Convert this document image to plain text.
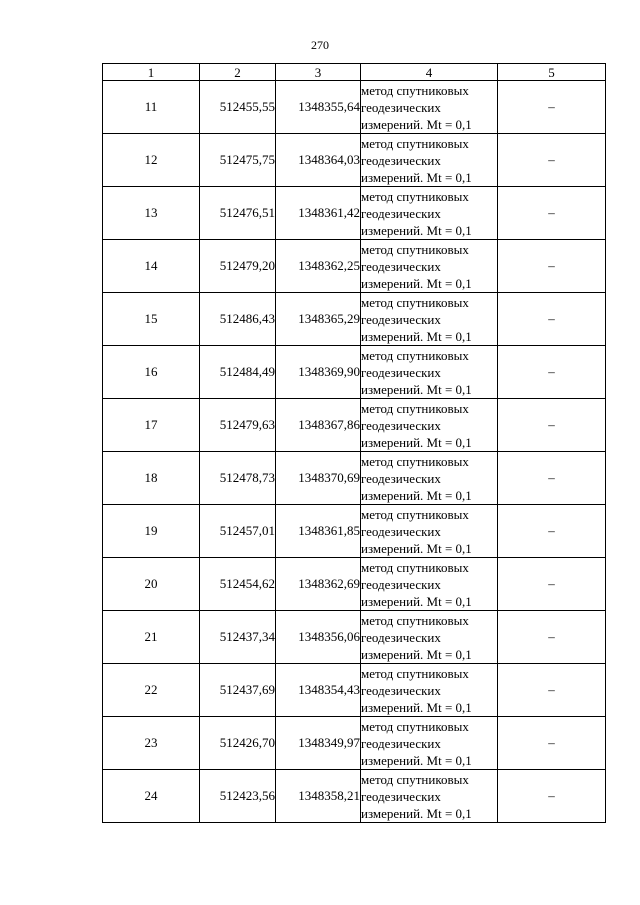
270
1	2	3	4	5
11	512455,55	1348355,64	метод спутниковых геодезических измерений. Mt = 0,1	–
12	512475,75	1348364,03	метод спутниковых геодезических измерений. Mt = 0,1	–
13	512476,51	1348361,42	метод спутниковых геодезических измерений. Mt = 0,1	–
14	512479,20	1348362,25	метод спутниковых геодезических измерений. Mt = 0,1	–
15	512486,43	1348365,29	метод спутниковых геодезических измерений. Mt = 0,1	–
16	512484,49	1348369,90	метод спутниковых геодезических измерений. Mt = 0,1	–
17	512479,63	1348367,86	метод спутниковых геодезических измерений. Mt = 0,1	–
18	512478,73	1348370,69	метод спутниковых геодезических измерений. Mt = 0,1	–
19	512457,01	1348361,85	метод спутниковых геодезических измерений. Mt = 0,1	–
20	512454,62	1348362,69	метод спутниковых геодезических измерений. Mt = 0,1	–
21	512437,34	1348356,06	метод спутниковых геодезических измерений. Mt = 0,1	–
22	512437,69	1348354,43	метод спутниковых геодезических измерений. Mt = 0,1	–
23	512426,70	1348349,97	метод спутниковых геодезических измерений. Mt = 0,1	–
24	512423,56	1348358,21	метод спутниковых геодезических измерений. Mt = 0,1	–
